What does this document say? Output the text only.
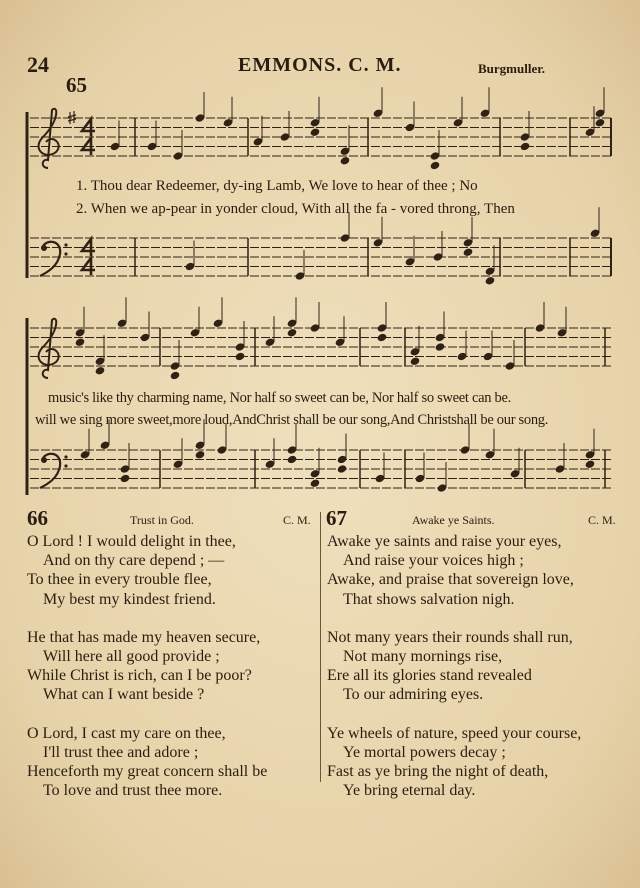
24	EMMONS. C. M.	Burgmuller.
65
1. Thou dear Redeemer, dy-ing Lamb, We love to hear of thee ; No
2. When we ap-pear in yonder cloud, With all the fa - vored throng, Then
music's like thy charming name, Nor half so sweet can be, Nor half so sweet can be.
will we sing more sweet,more loud,AndChrist shall be our song,And Christshall be our song.
66	Trust in God.	C. M.
O Lord ! I would delight in thee,
And on thy care depend ; —
To thee in every trouble flee,
My best my kindest friend.
He that has made my heaven secure,
Will here all good provide ;
While Christ is rich, can I be poor?
What can I want beside ?
O Lord, I cast my care on thee,
I'll trust thee and adore ;
Henceforth my great concern shall be
To love and trust thee more.
67	Awake ye Saints.	C. M.
Awake ye saints and raise your eyes,
And raise your voices high ;
Awake, and praise that sovereign love,
That shows salvation nigh.
Not many years their rounds shall run,
Not many mornings rise,
Ere all its glories stand revealed
To our admiring eyes.
Ye wheels of nature, speed your course,
Ye mortal powers decay ;
Fast as ye bring the night of death,
Ye bring eternal day.
